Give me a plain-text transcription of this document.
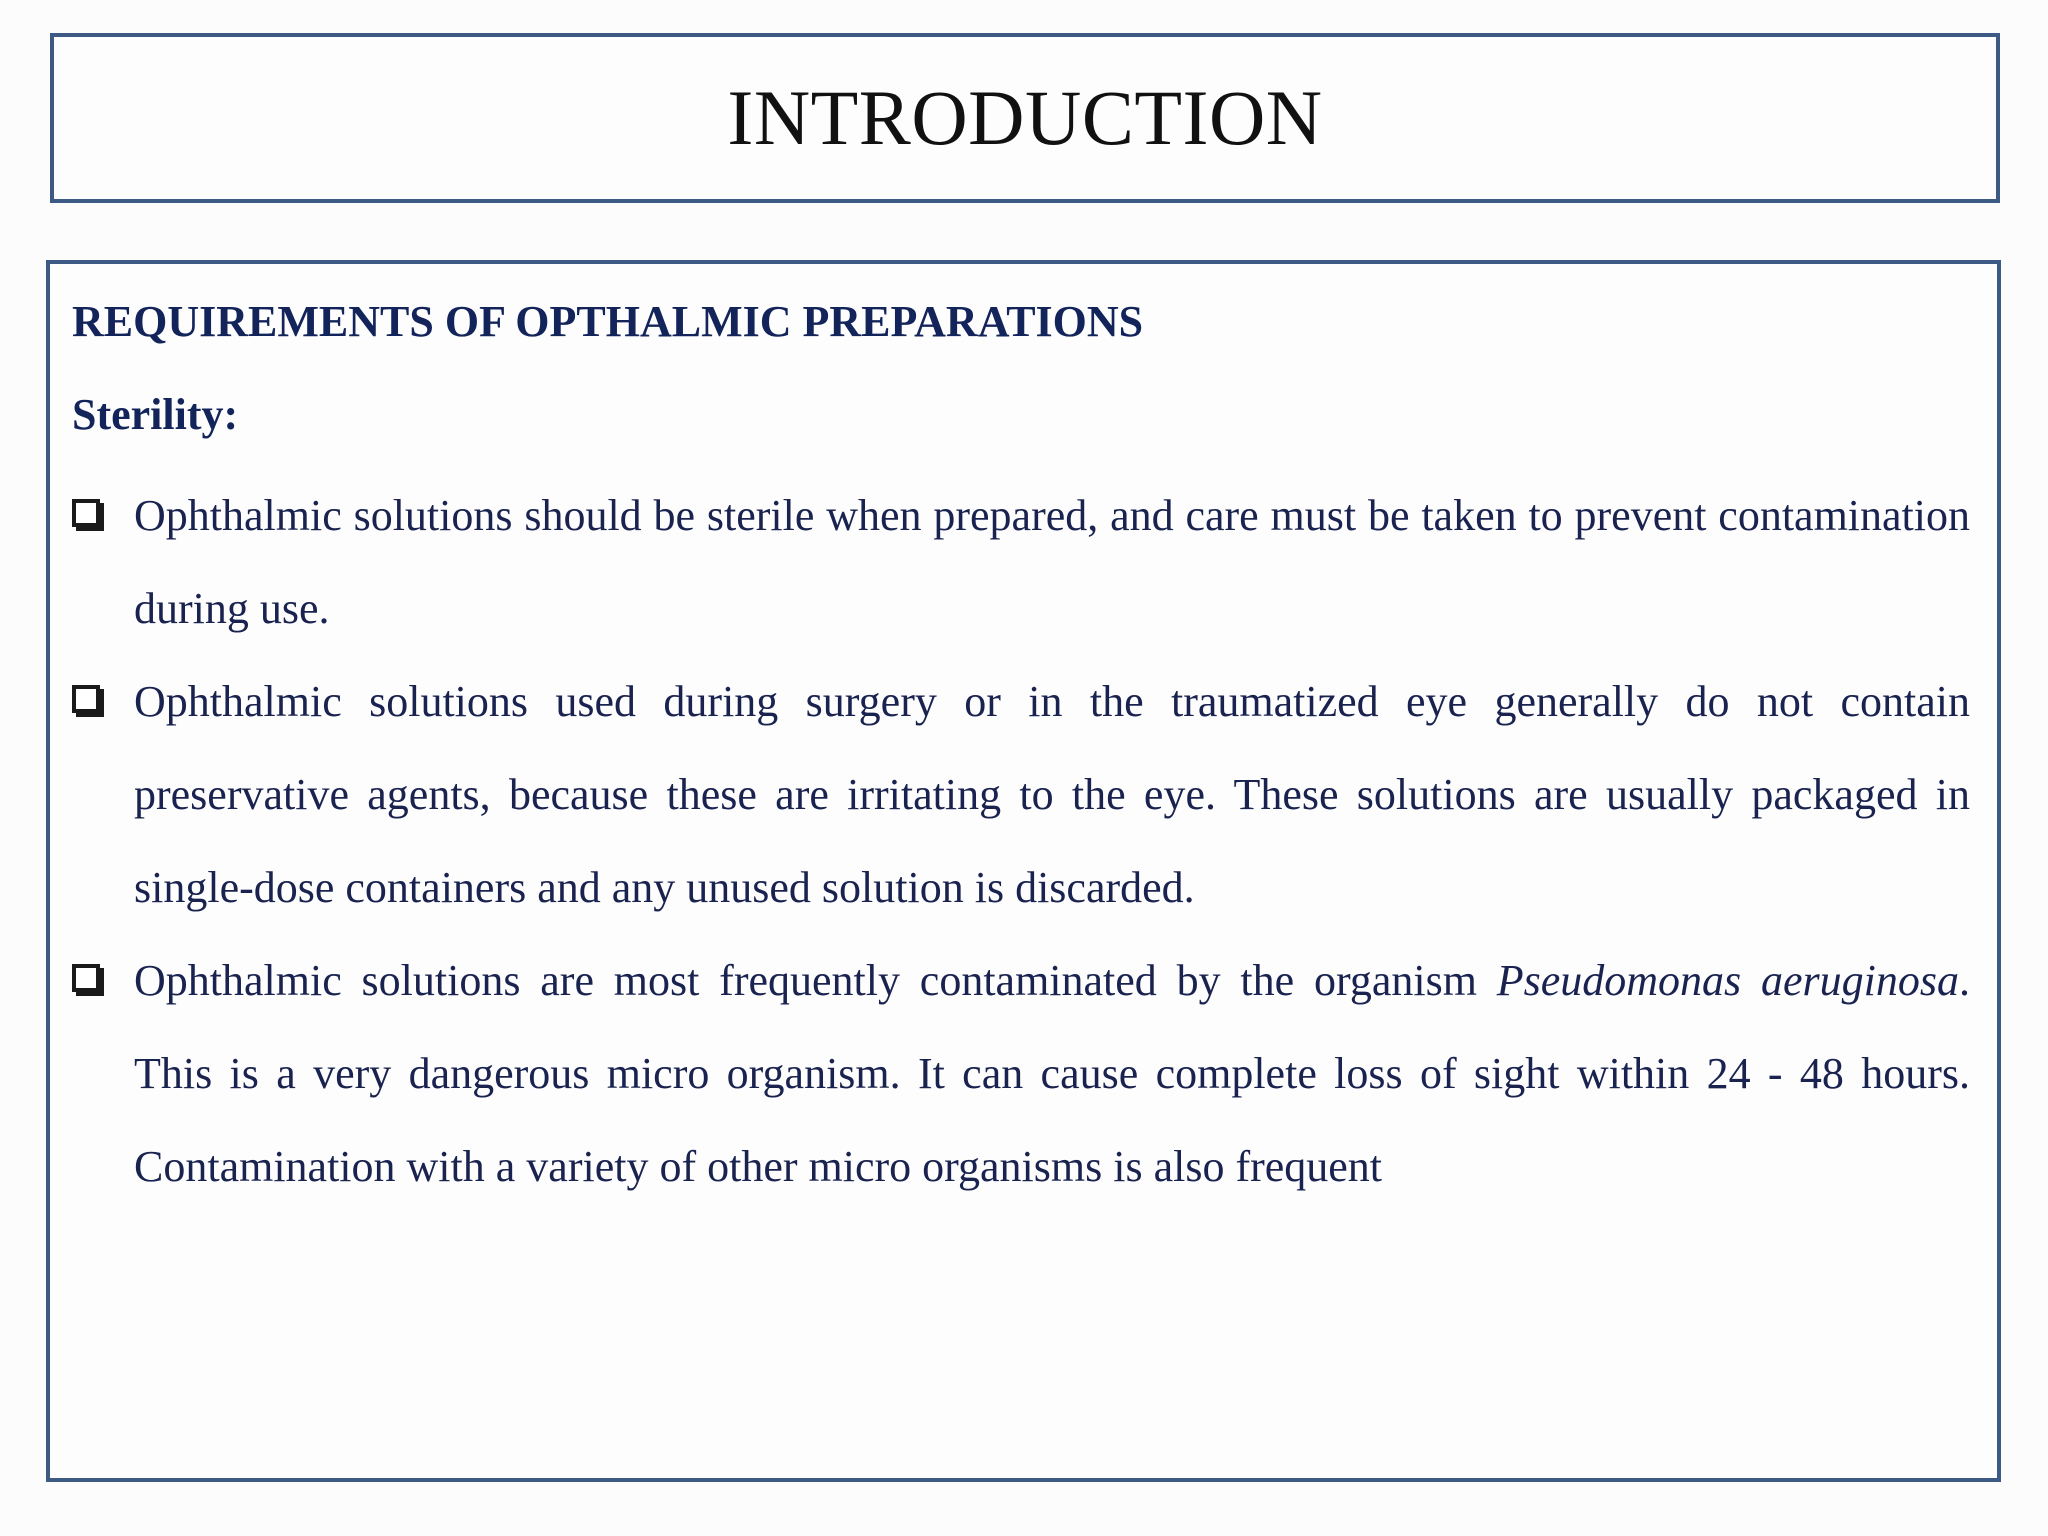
INTRODUCTION
REQUIREMENTS OF OPTHALMIC PREPARATIONS
Sterility:
Ophthalmic solutions should be sterile when prepared, and care must be taken to prevent contamination during use.
Ophthalmic solutions used during surgery or in the traumatized eye generally do not contain preservative agents, because these are irritating to the eye. These solutions are usually packaged in single-dose containers and any unused solution is discarded.
Ophthalmic solutions are most frequently contaminated by the organism Pseudomonas aeruginosa. This is a very dangerous micro organism. It can cause complete loss of sight within 24 - 48 hours. Contamination with a variety of other micro organisms is also frequent
